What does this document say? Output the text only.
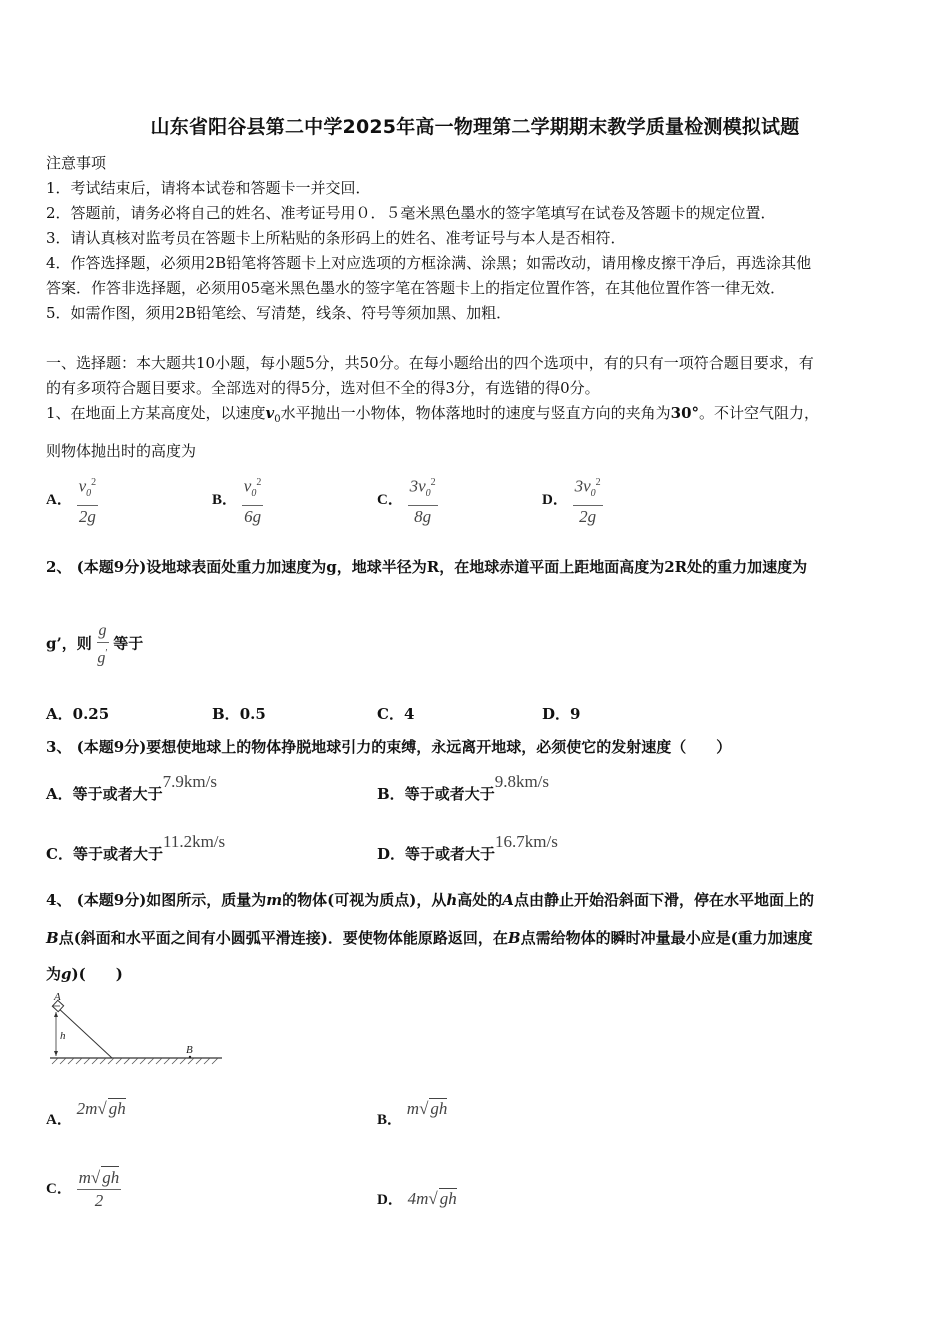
山东省阳谷县第二中学2025年高一物理第二学期期末教学质量检测模拟试题
注意事项
1．考试结束后，请将本试卷和答题卡一并交回．
2．答题前，请务必将自己的姓名、准考证号用０．５毫米黑色墨水的签字笔填写在试卷及答题卡的规定位置．
3．请认真核对监考员在答题卡上所粘贴的条形码上的姓名、准考证号与本人是否相符．
4．作答选择题，必须用2B铅笔将答题卡上对应选项的方框涂满、涂黑；如需改动，请用橡皮擦干净后，再选涂其他
答案．作答非选择题，必须用05毫米黑色墨水的签字笔在答题卡上的指定位置作答，在其他位置作答一律无效．
5．如需作图，须用2B铅笔绘、写清楚，线条、符号等须加黑、加粗．
一、选择题：本大题共10小题，每小题5分，共50分。在每小题给出的四个选项中，有的只有一项符合题目要求，有
的有多项符合题目要求。全部选对的得5分，选对但不全的得3分，有选错的得0分。
1、在地面上方某高度处，以速度$v_0$水平抛出一小物体，物体落地时的速度与竖直方向的夹角为30°。不计空气阻力，
则物体抛出时的高度为
A． $\frac{v_0^2}{2g}$	B． $\frac{v_0^2}{6g}$	C． $\frac{3v_0^2}{8g}$	D． $\frac{3v_0^2}{2g}$
2、 (本题9分)设地球表面处重力加速度为g，地球半径为R，在地球赤道平面上距地面高度为2R处的重力加速度为
g’，则 $\frac{g}{g'}$ 等于
A．0.25	B．0.5	C．4	D．9
3、 (本题9分)要想使地球上的物体挣脱地球引力的束缚，永远离开地球，必须使它的发射速度（　　）
A．等于或者大于7.9km/s
B．等于或者大于9.8km/s
C．等于或者大于11.2km/s
D．等于或者大于16.7km/s
4、 (本题9分)如图所示，质量为m的物体(可视为质点)，从h高处的A点由静止开始沿斜面下滑，停在水平地面上的
B点(斜面和水平面之间有小圆弧平滑连接)．要使物体能原路返回，在B点需给物体的瞬时冲量最小应是(重力加速度
为g)(　　)
A
h
B
A． 2m√ gh
B． m√ gh
C． $\frac{m√ gh}{2}$	D． 4m√ gh
